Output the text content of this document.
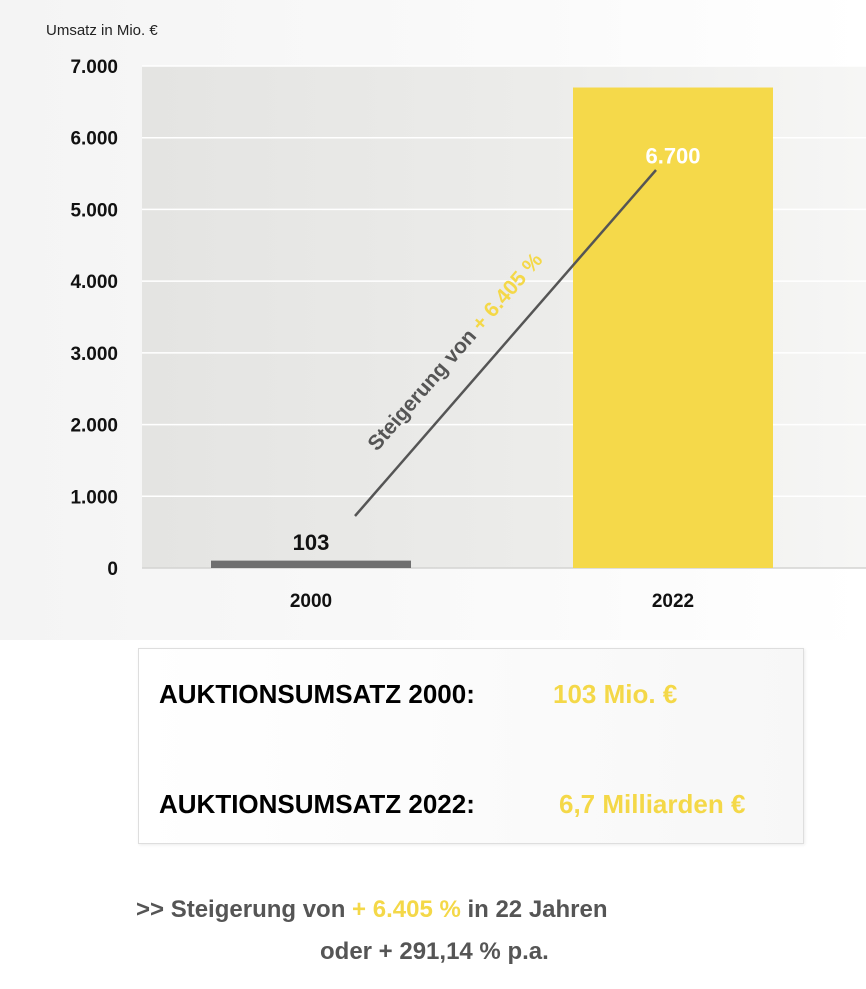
Umsatz in Mio. €
0
1.000
2.000
3.000
4.000
5.000
6.000
7.000
2000	2022
103
6.700
Steigerung von + 6.405 %
AUKTIONSUMSATZ 2000:	103 Mio. €
AUKTIONSUMSATZ 2022:	6,7 Milliarden €
>> Steigerung von + 6.405 % in 22 Jahren
oder + 291,14 % p.a.
